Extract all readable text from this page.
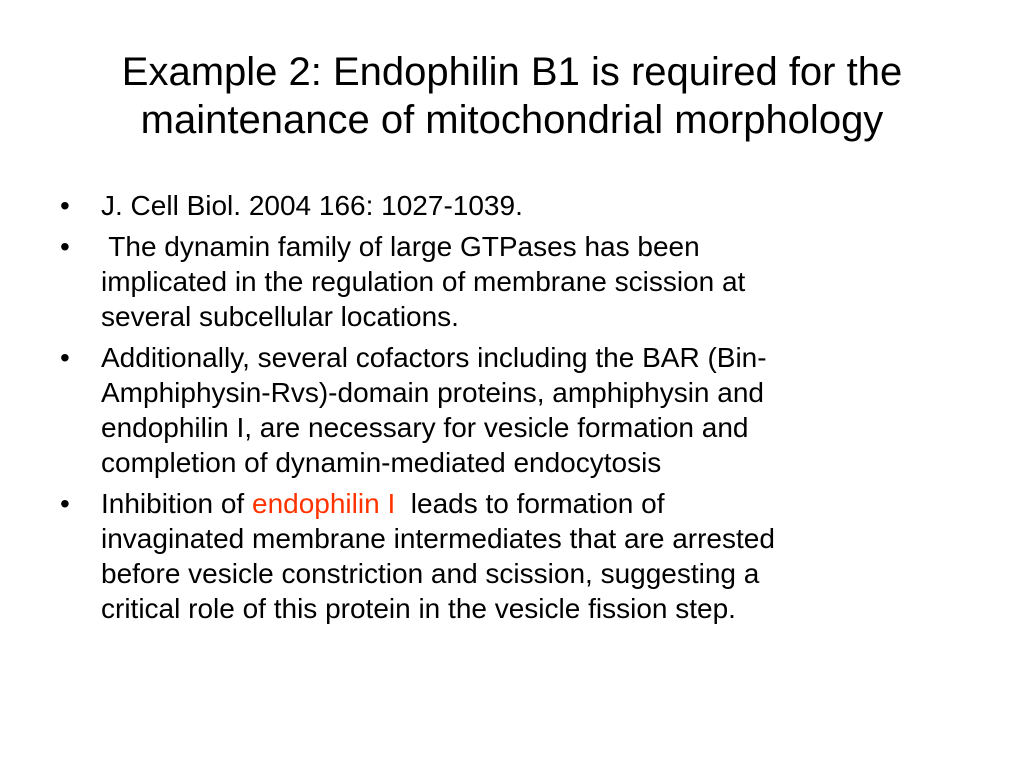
Example 2: Endophilin B1 is required for the
maintenance of mitochondrial morphology
•	J. Cell Biol. 2004 166: 1027-1039.
•	The dynamin family of large GTPases has been
implicated in the regulation of membrane scission at
several subcellular locations.
•	Additionally, several cofactors including the BAR (Bin-
Amphiphysin-Rvs)-domain proteins, amphiphysin and
endophilin I, are necessary for vesicle formation and
completion of dynamin-mediated endocytosis
•	Inhibition of endophilin I  leads to formation of
invaginated membrane intermediates that are arrested
before vesicle constriction and scission, suggesting a
critical role of this protein in the vesicle fission step.
